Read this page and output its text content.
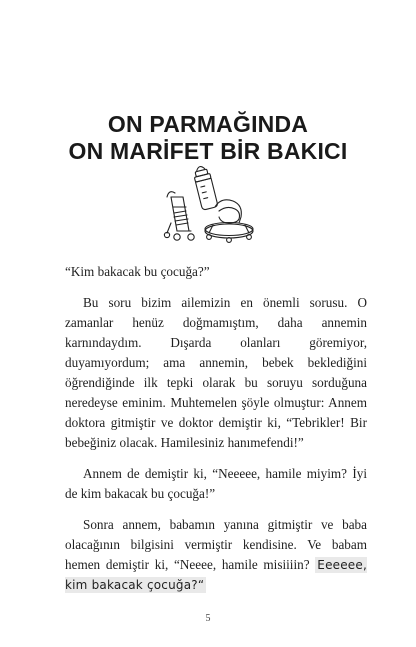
ON PARMAĞINDA
ON MARİFET BİR BAKICI

“Kim bakacak bu çocuğa?”

Bu soru bizim ailemizin en önemli sorusu. O zamanlar henüz doğmamıştım, daha annemin karnındaydım. Dışarda olanları göremiyor, duyamıyordum; ama annemin, bebek beklediğini öğrendiğinde ilk tepki olarak bu soruyu sorduğuna neredeyse eminim. Muhtemelen şöyle olmuştur: Annem doktora gitmiştir ve doktor demiştir ki, “Tebrikler! Bir bebeğiniz olacak. Hamilesiniz hanımefendi!”

Annem de demiştir ki, “Neeeee, hamile miyim? İyi de kim bakacak bu çocuğa!”

Sonra annem, babamın yanına gitmiştir ve baba olacağının bilgisini vermiştir kendisine. Ve babam hemen demiştir ki, “Neeee, hamile misiiiin? Eeeeee, kim bakacak çocuğa?“

5
